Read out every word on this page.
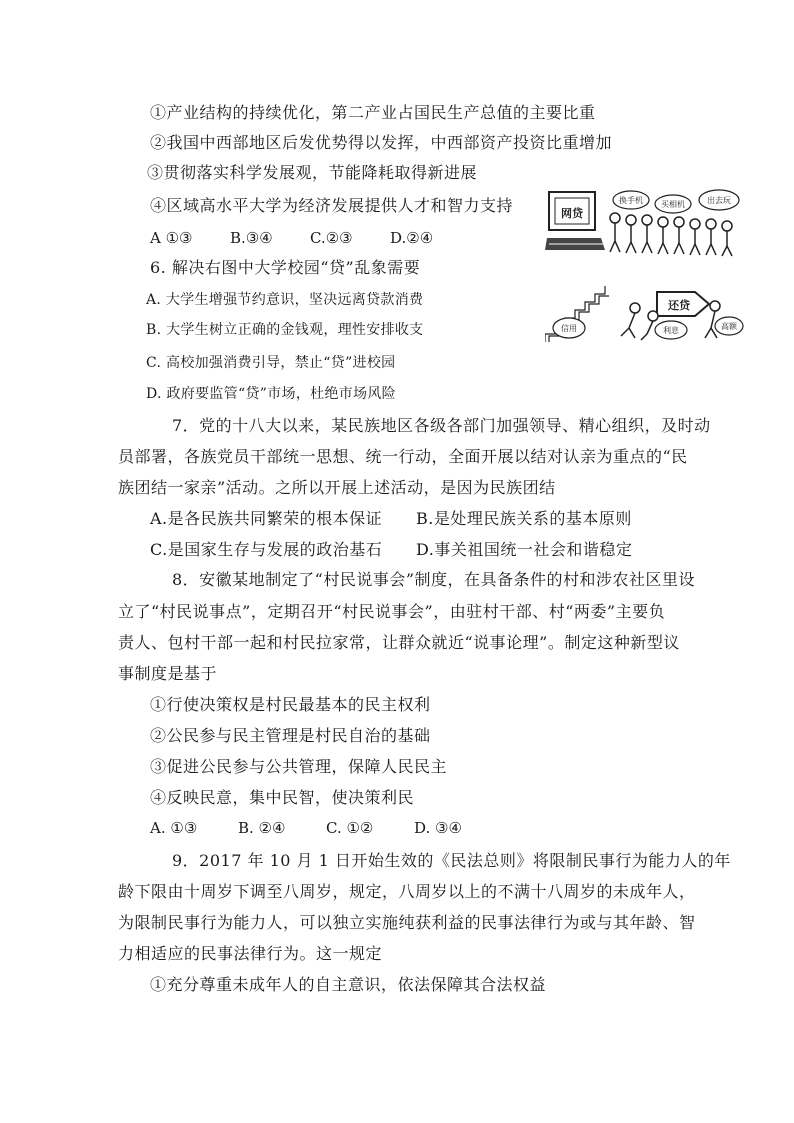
①产业结构的持续优化，第二产业占国民生产总值的主要比重
②我国中西部地区后发优势得以发挥，中西部资产投资比重增加
③贯彻落实科学发展观，节能降耗取得新进展
④区域高水平大学为经济发展提供人才和智力支持
A ①③	B.③④ C.②③ D.②④
6. 解决右图中大学校园“贷”乱象需要
A. 大学生增强节约意识，坚决远离贷款消费
B. 大学生树立正确的金钱观，理性安排收支
C. 高校加强消费引导，禁止“贷”进校园
D. 政府要监管“贷”市场，杜绝市场风险
网贷
换手机 买相机	出去玩
还贷
信用	利息	高额
7．党的十八大以来，某民族地区各级各部门加强领导、精心组织，及时动
员部署，各族党员干部统一思想、统一行动，全面开展以结对认亲为重点的“民
族团结一家亲”活动。之所以开展上述活动，是因为民族团结
A.是各民族共同繁荣的根本保证 B.是处理民族关系的基本原则
C.是国家生存与发展的政治基石 D.事关祖国统一社会和谐稳定
8．安徽某地制定了“村民说事会”制度，在具备条件的村和涉农社区里设
立了“村民说事点”，定期召开“村民说事会”，由驻村干部、村“两委”主要负
责人、包村干部一起和村民拉家常，让群众就近“说事论理”。制定这种新型议
事制度是基于
①行使决策权是村民最基本的民主权利
②公民参与民主管理是村民自治的基础
③促进公民参与公共管理，保障人民民主
④反映民意，集中民智，使决策利民
A. ①③	B. ②④	C. ①②	D. ③④
9．2017 年 10 月 1 日开始生效的《民法总则》将限制民事行为能力人的年
龄下限由十周岁下调至八周岁，规定，八周岁以上的不满十八周岁的未成年人，
为限制民事行为能力人，可以独立实施纯获利益的民事法律行为或与其年龄、智
力相适应的民事法律行为。这一规定
①充分尊重未成年人的自主意识，依法保障其合法权益
